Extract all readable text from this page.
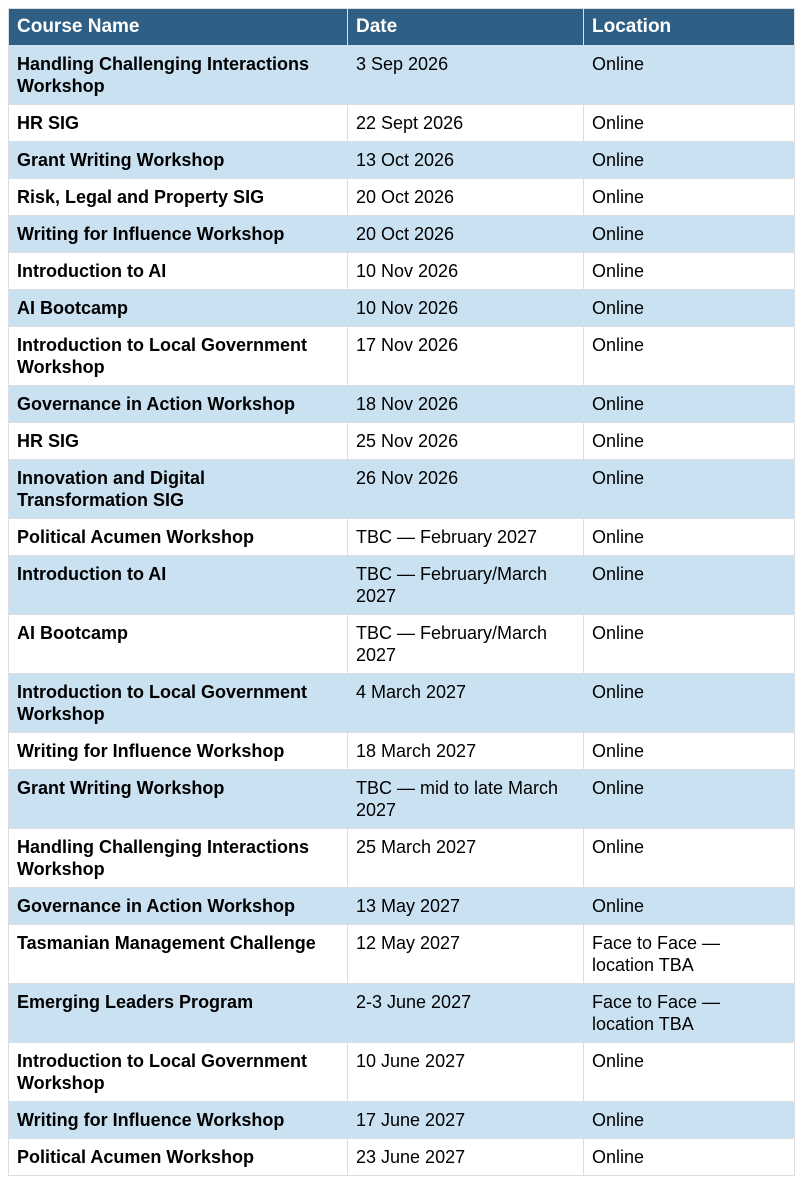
Course Name	Date	Location
Handling Challenging Interactions Workshop	3 Sep 2026	Online
HR SIG	22 Sept 2026	Online
Grant Writing Workshop	13 Oct 2026	Online
Risk, Legal and Property SIG	20 Oct 2026	Online
Writing for Influence Workshop	20 Oct 2026	Online
Introduction to AI	10 Nov 2026	Online
AI Bootcamp	10 Nov 2026	Online
Introduction to Local Government Workshop	17 Nov 2026	Online
Governance in Action Workshop	18 Nov 2026	Online
HR SIG	25 Nov 2026	Online
Innovation and Digital Transformation SIG	26 Nov 2026	Online
Political Acumen Workshop	TBC — February 2027	Online
Introduction to AI	TBC — February/March 2027	Online
AI Bootcamp	TBC — February/March 2027	Online
Introduction to Local Government Workshop	4 March 2027	Online
Writing for Influence Workshop	18 March 2027	Online
Grant Writing Workshop	TBC — mid to late March 2027	Online
Handling Challenging Interactions Workshop	25 March 2027	Online
Governance in Action Workshop	13 May 2027	Online
Tasmanian Management Challenge	12 May 2027	Face to Face — location TBA
Emerging Leaders Program	2-3 June 2027	Face to Face — location TBA
Introduction to Local Government Workshop	10 June 2027	Online
Writing for Influence Workshop	17 June 2027	Online
Political Acumen Workshop	23 June 2027	Online
